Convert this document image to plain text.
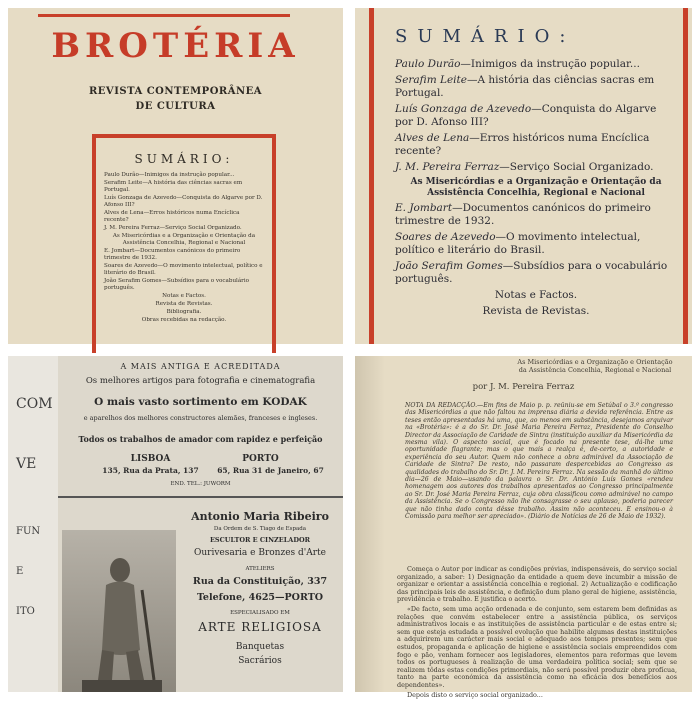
BROTÉRIA
REVISTA CONTEMPORÂNEA
DE CULTURA
SUMÁRIO:
Paulo Durão—Inimigos da instrução popular...
Serafim Leite—A história das ciências sacras em Portugal.
Luís Gonzaga de Azevedo—Conquista do Algarve por D. Afonso III?
Alves de Lena—Erros históricos numa Encíclica recente?
J. M. Pereira Ferraz—Serviço Social Organizado.
As Misericórdias e a Organização e Orientação da Assistência Concelhia, Regional e Nacional
E. Jombart—Documentos canónicos do primeiro trimestre de 1932.
Soares de Azevedo—O movimento intelectual, político e literário do Brasil.
João Serafim Gomes—Subsídios para o vocabulário português.
Notas e Factos.
Revista de Revistas.
Bibliografia.
Obras recebidas na redacção.
SUMÁRIO:
Paulo Durão—Inimigos da instrução popular...
Serafim Leite—A história das ciências sacras em Portugal.
Luís Gonzaga de Azevedo—Conquista do Algarve por D. Afonso III?
Alves de Lena—Erros históricos numa Encíclica recente?
J. M. Pereira Ferraz—Serviço Social Organizado.
As Misericórdias e a Organização e Orientação da Assistência Concelhia, Regional e Nacional
E. Jombart—Documentos canónicos do primeiro trimestre de 1932.
Soares de Azevedo—O movimento intelectual, político e literário do Brasil.
João Serafim Gomes—Subsídios para o vocabulário português.
Notas e Factos.
Revista de Revistas.
COM
VE
FUN
E
ITO
A MAIS ANTIGA E ACREDITADA
Os melhores artigos para fotografia e cinematografia
O mais vasto sortimento em KODAK
e aparelhos dos melhores constructores alemães, franceses e ingleses.
Todos os trabalhos de amador com rapidez e perfeição
LISBOA	PORTO
135, Rua da Prata, 137	65, Rua 31 de Janeiro, 67
END. TEL.: JUWORM
Antonio Maria Ribeiro
Da Ordem de S. Tiago de Espada
ESCULTOR E CINZELADOR
Ourivesaria e Bronzes d'Arte
ATELIERS
Rua da Constituição, 337
Telefone, 4625—PORTO
ESPECIALISADO EM
ARTE RELIGIOSA
Banquetas
Sacrários
As Misericórdias e a Organização e Orientação
da Assistência Concelhia, Regional e Nacional
por J. M. Pereira Ferraz
NOTA DA REDACÇÃO.—Em fins de Maio p. p. reüniu-se em Setúbal o 3.º congresso das Misericórdias a que não faltou na imprensa diária a devida referência. Entre as teses então apresentadas há uma, que, ao menos em substância, desejamos arquivar na «Brotéria»: é a do Sr. Dr. José Maria Pereira Ferraz, Presidente do Conselho Director da Associação de Caridade de Sintra (instituição auxiliar da Misericórdia da mesma vila). O aspecto social, que é focado na presente tese, dá-lhe uma oportunidade flagrante; mas o que mais a realça é, de-certo, a autoridade e experiência do seu Autor. Quem não conhece a obra admirável da Associação de Caridade de Sintra? De resto, não passaram despercebidas ao Congresso as qualidades do trabalho do Sr. Dr. J. M. Pereira Ferraz. Na sessão da manhã do último dia—26 de Maio—usando da palavra o Sr. Dr. António Luís Gomes «rendeu homenagem aos autores dos trabalhos apresentados ao Congresso principalmente ao Sr. Dr. José Maria Pereira Ferraz, cuja obra classificou como admirável no campo da Assistência. Se o Congresso não lhe consagrasse o seu aplauso, poderia parecer que não tinha dado conta dêsse trabalho. Assim não aconteceu. E ensinou-o à Comissão para melhor ser apreciado». (Diário de Notícias de 26 de Maio de 1932).

Começa o Autor por indicar as condições prévias, indispensáveis, do serviço social organizado, a saber: 1) Designação da entidade a quem deve incumbir a missão de organizar e orientar a assistência concelhia e regional. 2) Actualização e codificação das principais leis de assistência, e definição dum plano geral de higiene, assistência, previdência e trabalho. E justifica o acerto.

«De facto, sem uma acção ordenada e de conjunto, sem estarem bem definidas as relações que convém estabelecer entre a assistência pública, os serviços administrativos locais e as instituições de assistência particular e de estas entre si; sem que esteja estudada a possível evolução que habilite algumas destas instituições a adquirirem um carácter mais social e adequado aos tempos presentes; sem que estudos, propaganda e aplicação de higiene e assistência sociais empreendidos com fogo e pão, venham fornecer aos legisladores, elementos para reformas que levem todos os portugueses à realização de uma verdadeira política social; sem que se realizem tôdas estas condições primordiais, não será possível produzir obra profícua, tanto na parte económica da assistência como na eficácia dos benefícios aos dependentes».

Depois disto o serviço social organizado...
